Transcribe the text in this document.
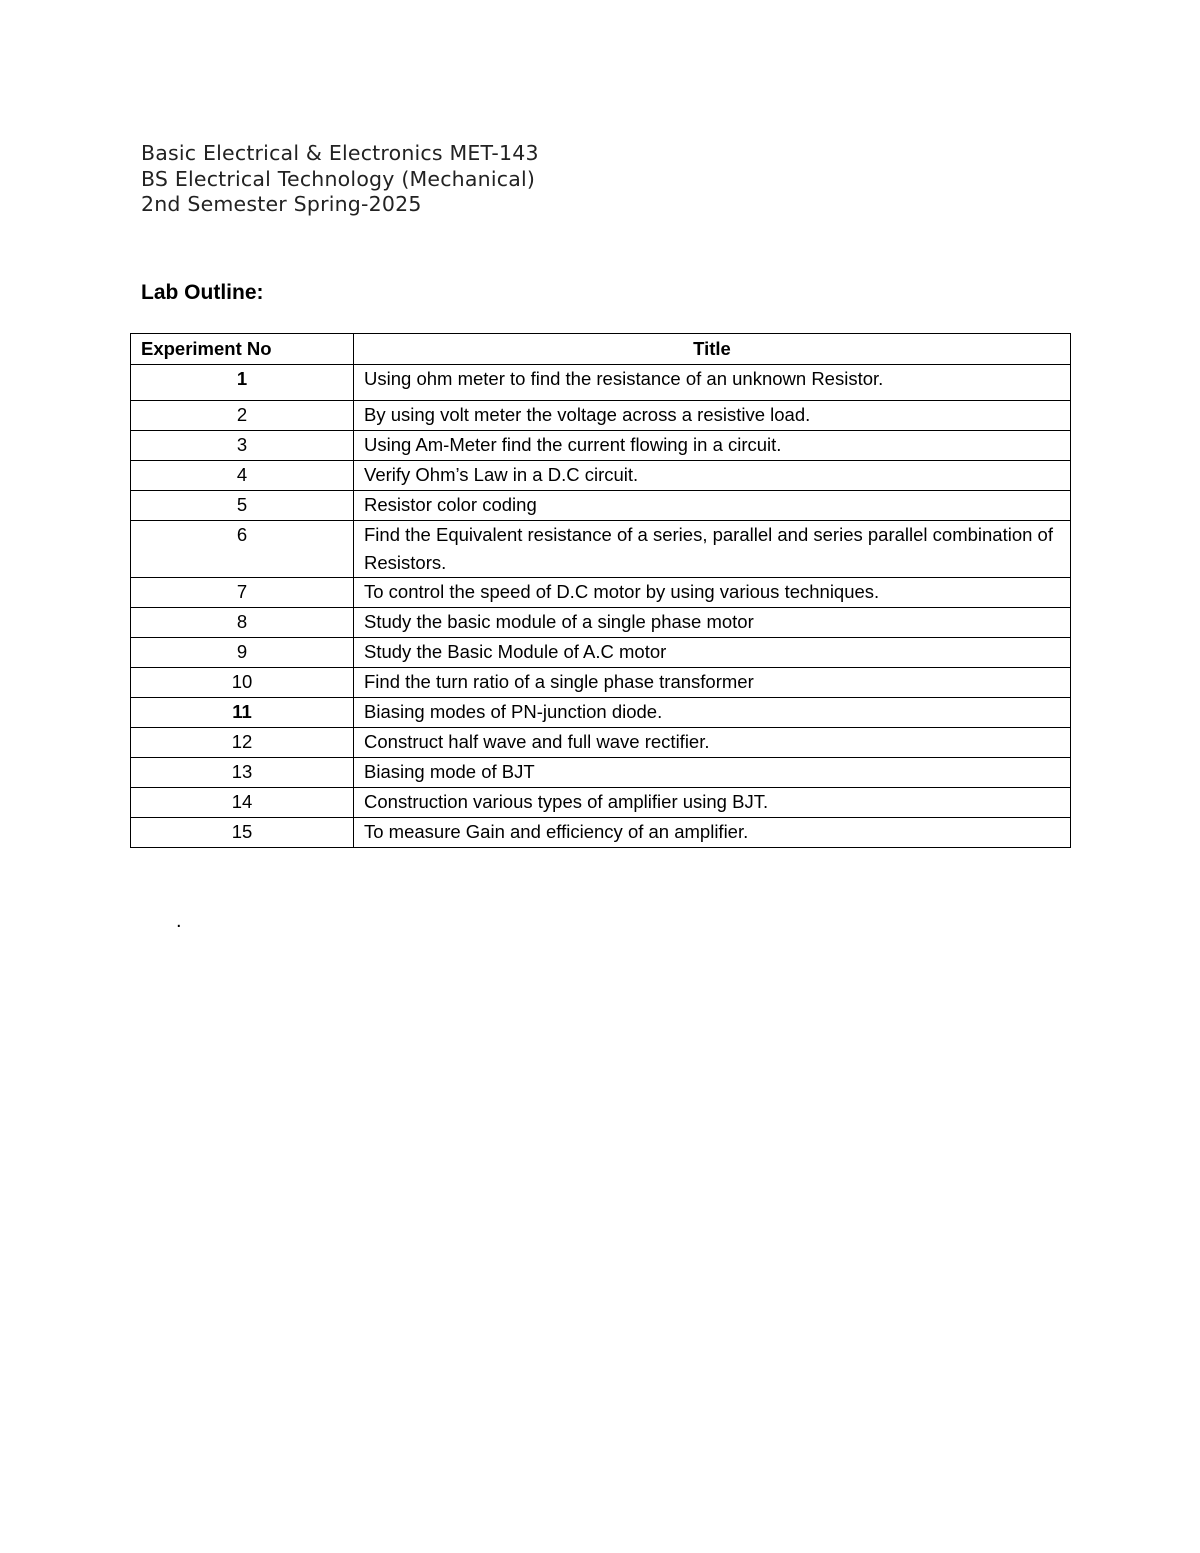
Basic Electrical & Electronics MET-143
BS Electrical Technology (Mechanical)
2nd Semester Spring-2025
Lab Outline:
Experiment No	Title
1	Using ohm meter to find the resistance of an unknown Resistor.
2	By using volt meter the voltage across a resistive load.
3	Using Am-Meter find the current flowing in a circuit.
4	Verify Ohm’s Law in a D.C circuit.
5	Resistor color coding
6	Find the Equivalent resistance of a series, parallel and series parallel combination of Resistors.
7	To control the speed of D.C motor by using various techniques.
8	Study the basic module of a single phase motor
9	Study the Basic Module of A.C motor
10	Find the turn ratio of a single phase transformer
11	Biasing modes of PN-junction diode.
12	Construct half wave and full wave rectifier.
13	Biasing mode of BJT
14	Construction various types of amplifier using BJT.
15	To measure Gain and efficiency of an amplifier.
.
